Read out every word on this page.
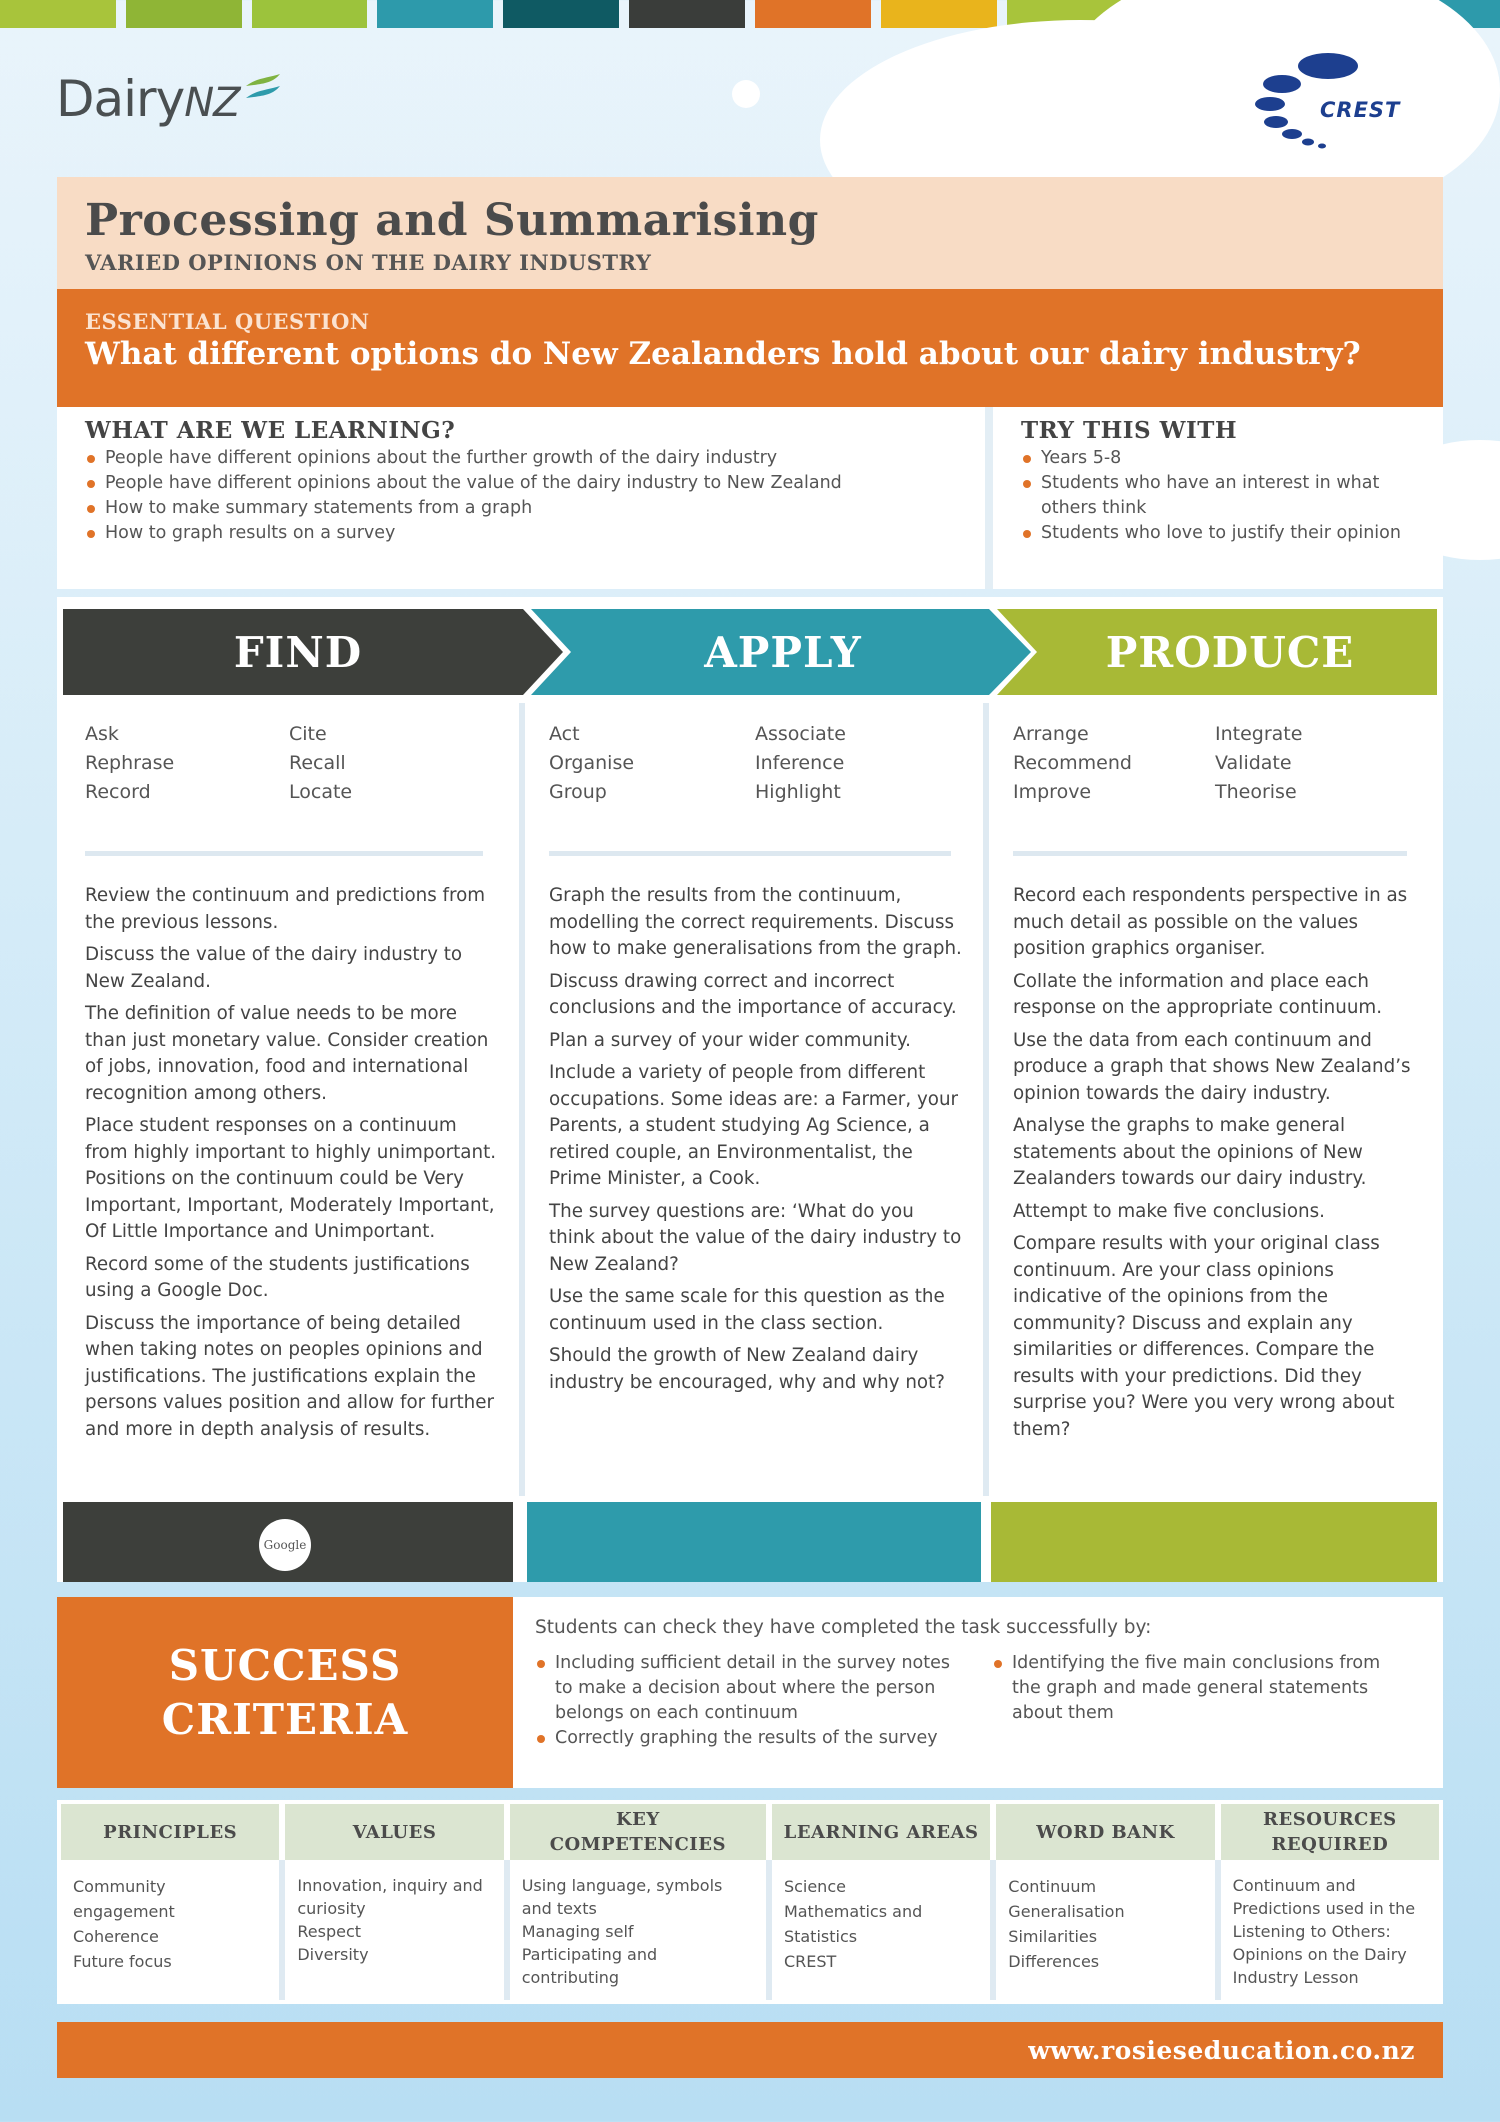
DairyNZ	CREST
Processing and Summarising
VARIED OPINIONS ON THE DAIRY INDUSTRY
ESSENTIAL QUESTION
What different options do New Zealanders hold about our dairy industry?
WHAT ARE WE LEARNING?
People have different opinions about the further growth of the dairy industry
People have different opinions about the value of the dairy industry to New Zealand
How to make summary statements from a graph
How to graph results on a survey
TRY THIS WITH
Years 5-8
Students who have an interest in what others think
Students who love to justify their opinion
FIND	APPLY	PRODUCE
Ask	Cite
Rephrase	Recall
Record	Locate

Review the continuum and predictions from the previous lessons.

Discuss the value of the dairy industry to New Zealand.

The definition of value needs to be more than just monetary value. Consider creation of jobs, innovation, food and international recognition among others.

Place student responses on a continuum from highly important to highly unimportant. Positions on the continuum could be Very Important, Important, Moderately Important, Of Little Importance and Unimportant.

Record some of the students justifications using a Google Doc.

Discuss the importance of being detailed when taking notes on peoples opinions and justifications. The justifications explain the persons values position and allow for further and more in depth analysis of results.

Act	Associate
Organise	Inference
Group	Highlight

Graph the results from the continuum, modelling the correct requirements. Discuss how to make generalisations from the graph.

Discuss drawing correct and incorrect conclusions and the importance of accuracy.

Plan a survey of your wider community.

Include a variety of people from different occupations. Some ideas are: a Farmer, your Parents, a student studying Ag Science, a retired couple, an Environmentalist, the Prime Minister, a Cook.

The survey questions are: ‘What do you think about the value of the dairy industry to New Zealand?

Use the same scale for this question as the continuum used in the class section.

Should the growth of New Zealand dairy industry be encouraged, why and why not?

Arrange	Integrate
Recommend	Validate
Improve	Theorise

Record each respondents perspective in as much detail as possible on the values position graphics organiser.

Collate the information and place each response on the appropriate continuum.

Use the data from each continuum and produce a graph that shows New Zealand’s opinion towards the dairy industry.

Analyse the graphs to make general statements about the opinions of New Zealanders towards our dairy industry.

Attempt to make five conclusions.

Compare results with your original class continuum. Are your class opinions indicative of the opinions from the community? Discuss and explain any similarities or differences. Compare the results with your predictions. Did they surprise you? Were you very wrong about them?

Google
SUCCESS
CRITERIA
Students can check they have completed the task successfully by:
Including sufficient detail in the survey notes to make a decision about where the person belongs on each continuum
Correctly graphing the results of the survey
Identifying the five main conclusions from the graph and made general statements about them
PRINCIPLES
Community engagement
Coherence
Future focus
VALUES
Innovation, inquiry and curiosity
Respect
Diversity
KEY COMPETENCIES
Using language, symbols and texts
Managing self
Participating and contributing
LEARNING AREAS
Science
Mathematics and Statistics
CREST
WORD BANK
Continuum
Generalisation
Similarities
Differences
RESOURCES REQUIRED
Continuum and Predictions used in the Listening to Others: Opinions on the Dairy Industry Lesson
www.rosieseducation.co.nz
